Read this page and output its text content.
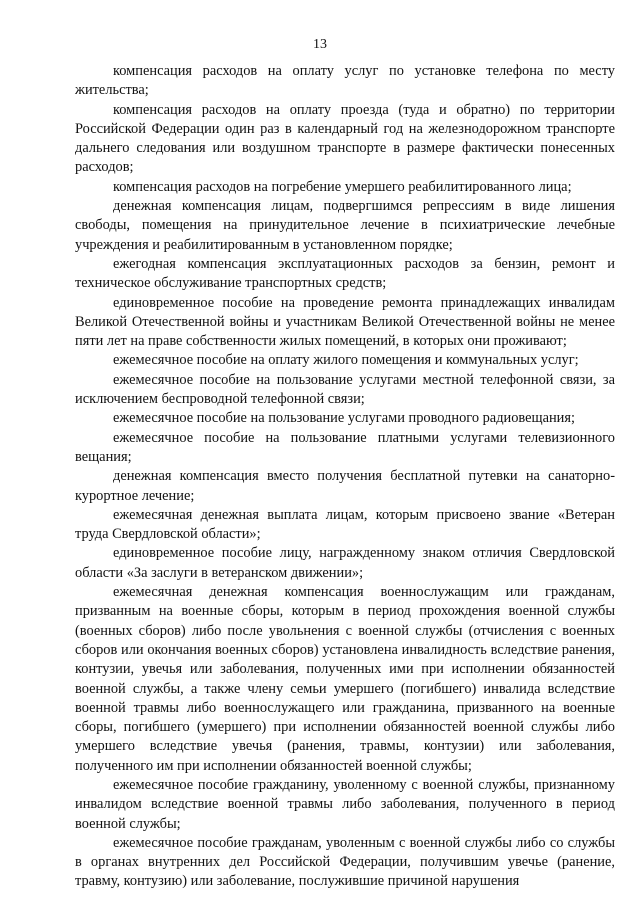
13

компенсация расходов на оплату услуг по установке телефона по месту жительства;

компенсация расходов на оплату проезда (туда и обратно) по территории Российской Федерации один раз в календарный год на железнодорожном транспорте дальнего следования или воздушном транспорте в размере фактически понесенных расходов;

компенсация расходов на погребение умершего реабилитированного лица;

денежная компенсация лицам, подвергшимся репрессиям в виде лишения свободы, помещения на принудительное лечение в психиатрические лечебные учреждения и реабилитированным в установленном порядке;

ежегодная компенсация эксплуатационных расходов за бензин, ремонт и техническое обслуживание транспортных средств;

единовременное пособие на проведение ремонта принадлежащих инвалидам Великой Отечественной войны и участникам Великой Отечественной войны не менее пяти лет на праве собственности жилых помещений, в которых они проживают;

ежемесячное пособие на оплату жилого помещения и коммунальных услуг;

ежемесячное пособие на пользование услугами местной телефонной связи, за исключением беспроводной телефонной связи;

ежемесячное пособие на пользование услугами проводного радиовещания;

ежемесячное пособие на пользование платными услугами телевизионного вещания;

денежная компенсация вместо получения бесплатной путевки на санаторно-курортное лечение;

ежемесячная денежная выплата лицам, которым присвоено звание «Ветеран труда Свердловской области»;

единовременное пособие лицу, награжденному знаком отличия Свердловской области «За заслуги в ветеранском движении»;

ежемесячная денежная компенсация военнослужащим или гражданам, призванным на военные сборы, которым в период прохождения военной службы (военных сборов) либо после увольнения с военной службы (отчисления с военных сборов или окончания военных сборов) установлена инвалидность вследствие ранения, контузии, увечья или заболевания, полученных ими при исполнении обязанностей военной службы, а также члену семьи умершего (погибшего) инвалида вследствие военной травмы либо военнослужащего или гражданина, призванного на военные сборы, погибшего (умершего) при исполнении обязанностей военной службы либо умершего вследствие увечья (ранения, травмы, контузии) или заболевания, полученного им при исполнении обязанностей военной службы;

ежемесячное пособие гражданину, уволенному с военной службы, признанному инвалидом вследствие военной травмы либо заболевания, полученного в период военной службы;

ежемесячное пособие гражданам, уволенным с военной службы либо со службы в органах внутренних дел Российской Федерации, получившим увечье (ранение, травму, контузию) или заболевание, послужившие причиной нарушения
